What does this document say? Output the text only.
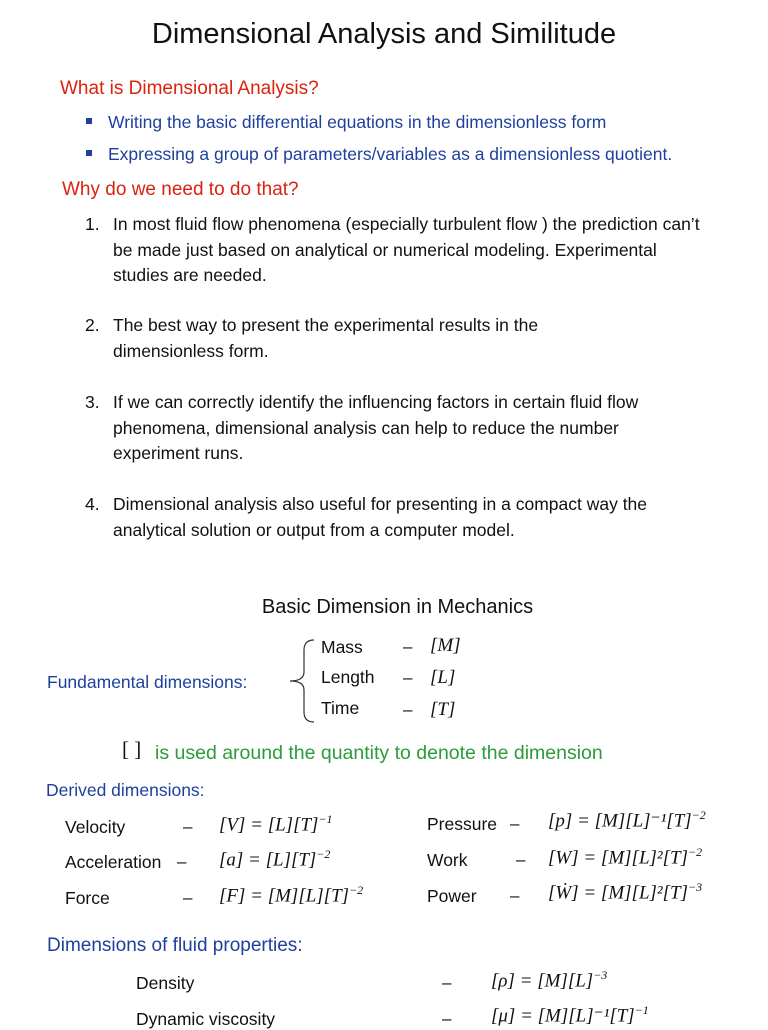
Dimensional Analysis and Similitude
What is Dimensional Analysis?
Writing the basic differential equations in the dimensionless form
Expressing a group of parameters/variables as a dimensionless quotient.
Why do we need to do that?
1. In most fluid flow phenomena (especially turbulent flow ) the prediction can’t be made just based on analytical or numerical modeling. Experimental studies are needed.
2. The best way to present the experimental results in the dimensionless form.
3. If we can correctly identify the influencing factors in certain fluid flow phenomena, dimensional analysis can help to reduce the number experiment runs.
4. Dimensional analysis also useful for presenting in a compact way the analytical solution or output from a computer model.
Basic Dimension in Mechanics
Fundamental dimensions:
Mass – [M]
Length – [L]
Time	– [T]
[ ] is used around the quantity to denote the dimension
Derived dimensions:
Velocity	– $[V] = [L][T]^{-1}$
Acceleration – $[a] = [L][T]^{-2}$
Force	– $[F] = [M][L][T]^{-2}$
Pressure – $[p] = [M][L]^{-1}[T]^{-2}$
Work	– $[W] = [M][L]^2[T]^{-2}$
Power – [Ẇ] = $[M][L]^2[T]^{-3}$
Dimensions of fluid properties:
Density	– $[\rho] = [M][L]^{-3}$
Dynamic viscosity	– $[\mu] = [M][L]^{-1}[T]^{-1}$
